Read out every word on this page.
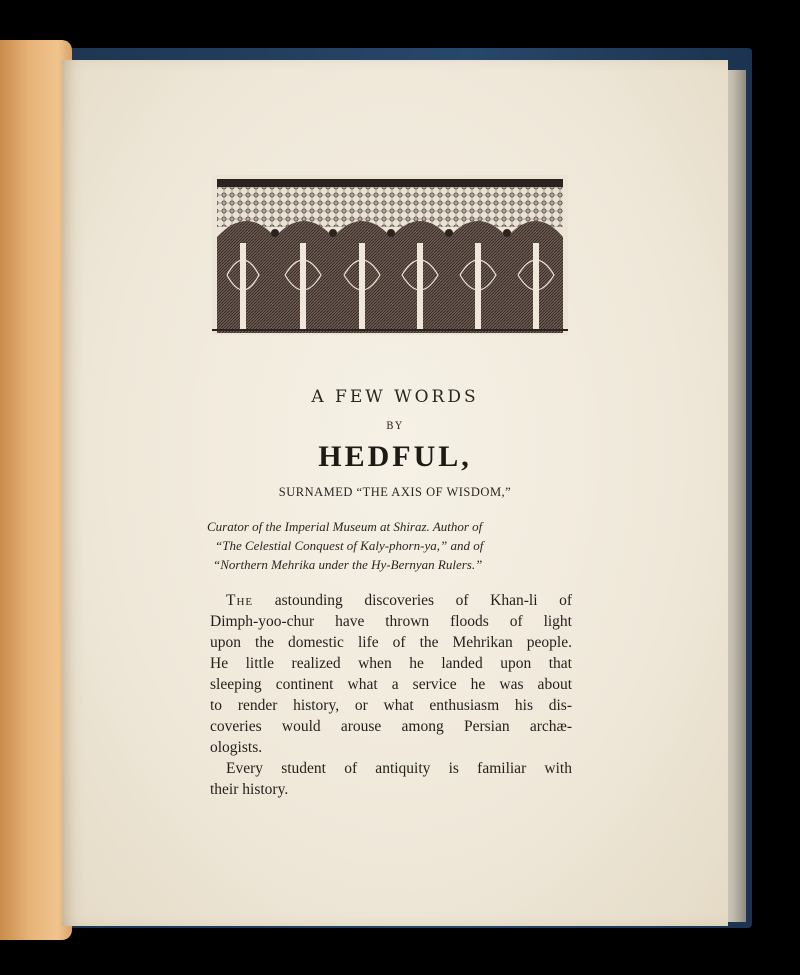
A FEW WORDS
BY
HEDFUL,
SURNAMED “THE AXIS OF WISDOM,”
Curator of the Imperial Museum at Shiraz. Author of
“The Celestial Conquest of Kaly-phorn-ya,” and of
“Northern Mehrika under the Hy-Bernyan Rulers.”
The astounding discoveries of Khan-li of
Dimph-yoo-chur have thrown floods of light
upon the domestic life of the Mehrikan people.
He little realized when he landed upon that
sleeping continent what a service he was about
to render history, or what enthusiasm his dis-
coveries would arouse among Persian archæ-
ologists.
Every student of antiquity is familiar with
their history.
